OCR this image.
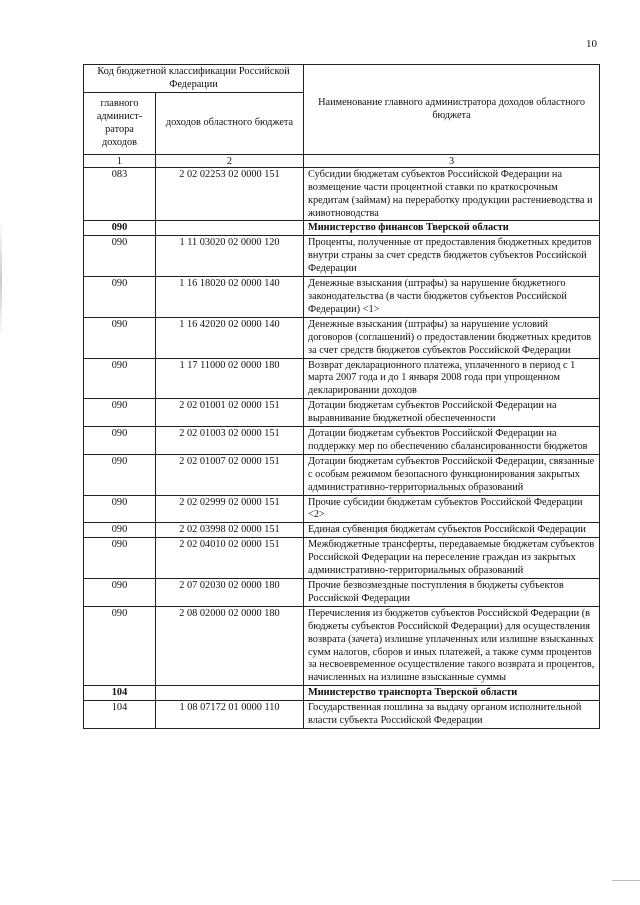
10
Код бюджетной классификации Российской Федерации		Наименование главного администратора доходов областного бюджета
главного админист-ратора доходов	доходов областного бюджета	
1	2	3
083	2 02 02253 02 0000 151	Субсидии бюджетам субъектов Российской Федерации на возмещение части процентной ставки по краткосрочным кредитам (займам) на переработку продукции растениеводства и животноводства
090		Министерство финансов Тверской области
090	1 11 03020 02 0000 120	Проценты, полученные от предоставления бюджетных кредитов внутри страны за счет средств бюджетов субъектов Российской Федерации
090	1 16 18020 02 0000 140	Денежные взыскания (штрафы) за нарушение бюджетного законодательства (в части бюджетов субъектов Российской Федерации) <1>
090	1 16 42020 02 0000 140	Денежные взыскания (штрафы) за нарушение условий договоров (соглашений) о предоставлении бюджетных кредитов за счет средств бюджетов субъектов Российской Федерации
090	1 17 11000 02 0000 180	Возврат декларационного платежа, уплаченного в период с 1 марта 2007 года и до 1 января 2008 года при упрощенном декларировании доходов
090	2 02 01001 02 0000 151	Дотации бюджетам субъектов Российской Федерации на выравнивание бюджетной обеспеченности
090	2 02 01003 02 0000 151	Дотации бюджетам субъектов Российской Федерации на поддержку мер по обеспечению сбалансированности бюджетов
090	2 02 01007 02 0000 151	Дотации бюджетам субъектов Российской Федерации, связанные с особым режимом безопасного функционирования закрытых административно-территориальных образований
090	2 02 02999 02 0000 151	Прочие субсидии бюджетам субъектов Российской Федерации <2>
090	2 02 03998 02 0000 151	Единая субвенция бюджетам субъектов Российской Федерации
090	2 02 04010 02 0000 151	Межбюджетные трансферты, передаваемые бюджетам субъектов Российской Федерации на переселение граждан из закрытых административно-территориальных образований
090	2 07 02030 02 0000 180	Прочие безвозмездные поступления в бюджеты субъектов Российской Федерации
090	2 08 02000 02 0000 180	Перечисления из бюджетов субъектов Российской Федерации (в бюджеты субъектов Российской Федерации) для осуществления возврата (зачета) излишне уплаченных или излишне взысканных сумм налогов, сборов и иных платежей, а также сумм процентов за несвоевременное осуществление такого возврата и процентов, начисленных на излишне взысканные суммы
104		Министерство транспорта Тверской области
104	1 08 07172 01 0000 110	Государственная пошлина за выдачу органом исполнительной власти субъекта Российской Федерации
